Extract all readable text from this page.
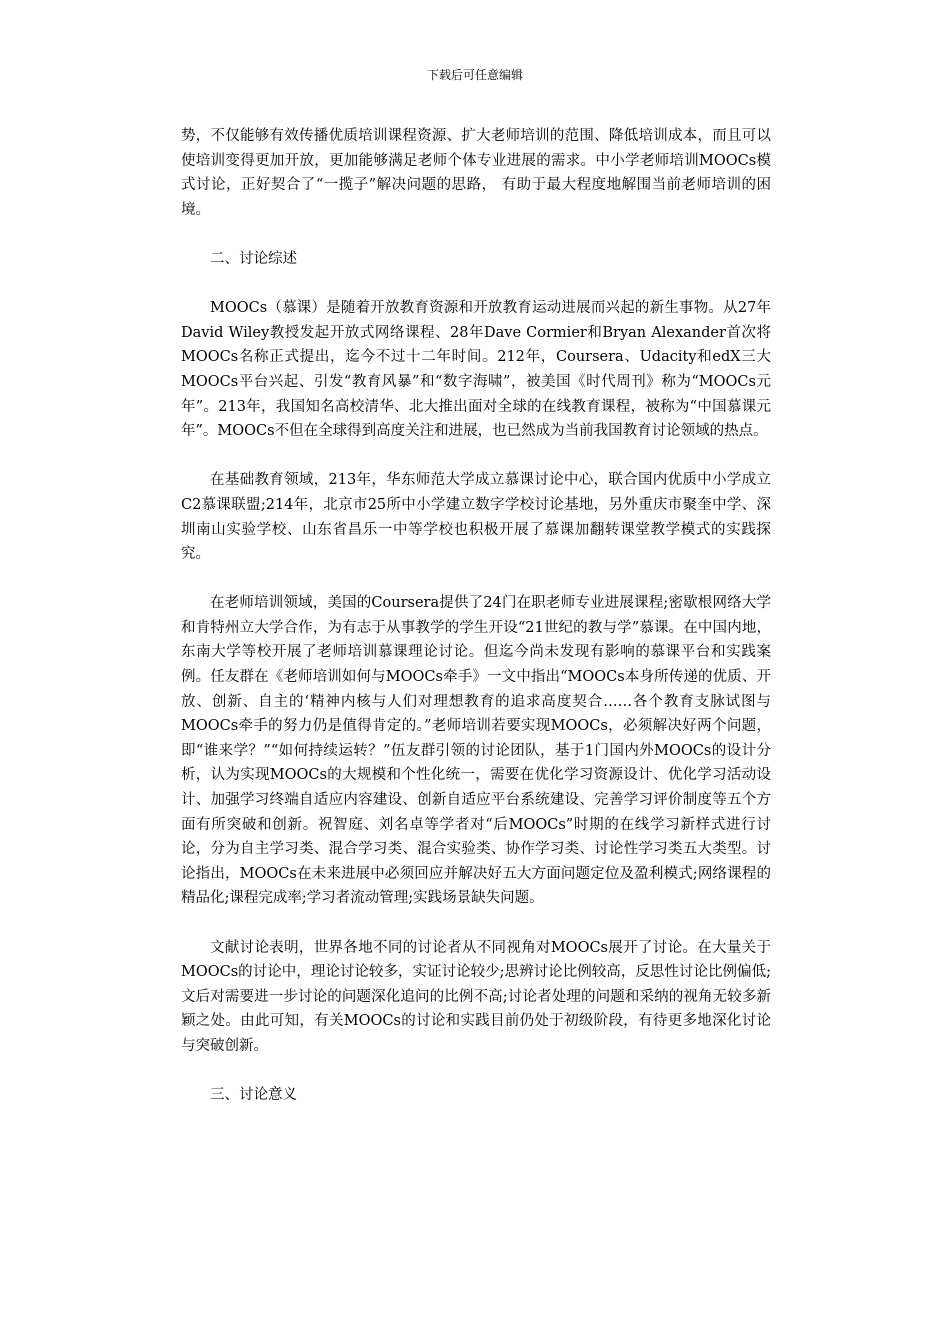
下载后可任意编辑

势，不仅能够有效传播优质培训课程资源、扩大老师培训的范围、降低培训成本，而且可以使培训变得更加开放，更加能够满足老师个体专业进展的需求。中小学老师培训MOOCs模式讨论，正好契合了“一揽子”解决问题的思路， 有助于最大程度地解围当前老师培训的困境。

二、讨论综述

MOOCs（慕课）是随着开放教育资源和开放教育运动进展而兴起的新生事物。从27年David Wiley教授发起开放式网络课程、28年Dave Cormier和Bryan Alexander首次将MOOCs名称正式提出，迄今不过十二年时间。212年，Coursera、Udacity和edX三大MOOCs平台兴起、引发“教育风暴”和“数字海啸”，被美国《时代周刊》称为“MOOCs元年”。213年，我国知名高校清华、北大推出面对全球的在线教育课程，被称为“中国慕课元年”。MOOCs不但在全球得到高度关注和进展，也已然成为当前我国教育讨论领域的热点。

在基础教育领域，213年，华东师范大学成立慕课讨论中心，联合国内优质中小学成立C2慕课联盟;214年，北京市25所中小学建立数字学校讨论基地，另外重庆市聚奎中学、深圳南山实验学校、山东省昌乐一中等学校也积极开展了慕课加翻转课堂教学模式的实践探究。

在老师培训领域，美国的Coursera提供了24门在职老师专业进展课程;密歇根网络大学和肯特州立大学合作，为有志于从事教学的学生开设“21世纪的教与学”慕课。在中国内地，东南大学等校开展了老师培训慕课理论讨论。但迄今尚未发现有影响的慕课平台和实践案例。任友群在《老师培训如何与MOOCs牵手》一文中指出“MOOCs本身所传递的优质、开放、创新、自主的‘精神内核与人们对理想教育的追求高度契合……各个教育支脉试图与MOOCs牵手的努力仍是值得肯定的。”老师培训若要实现MOOCs，必须解决好两个问题，即“谁来学？”“如何持续运转？”伍友群引领的讨论团队，基于1门国内外MOOCs的设计分析，认为实现MOOCs的大规模和个性化统一，需要在优化学习资源设计、优化学习活动设计、加强学习终端自适应内容建设、创新自适应平台系统建设、完善学习评价制度等五个方面有所突破和创新。祝智庭、刘名卓等学者对“后MOOCs”时期的在线学习新样式进行讨论，分为自主学习类、混合学习类、混合实验类、协作学习类、讨论性学习类五大类型。讨论指出，MOOCs在未来进展中必须回应并解决好五大方面问题定位及盈利模式;网络课程的精品化;课程完成率;学习者流动管理;实践场景缺失问题。

文献讨论表明，世界各地不同的讨论者从不同视角对MOOCs展开了讨论。在大量关于MOOCs的讨论中，理论讨论较多，实证讨论较少;思辨讨论比例较高，反思性讨论比例偏低;文后对需要进一步讨论的问题深化追问的比例不高;讨论者处理的问题和采纳的视角无较多新颖之处。由此可知，有关MOOCs的讨论和实践目前仍处于初级阶段，有待更多地深化讨论与突破创新。

三、讨论意义
